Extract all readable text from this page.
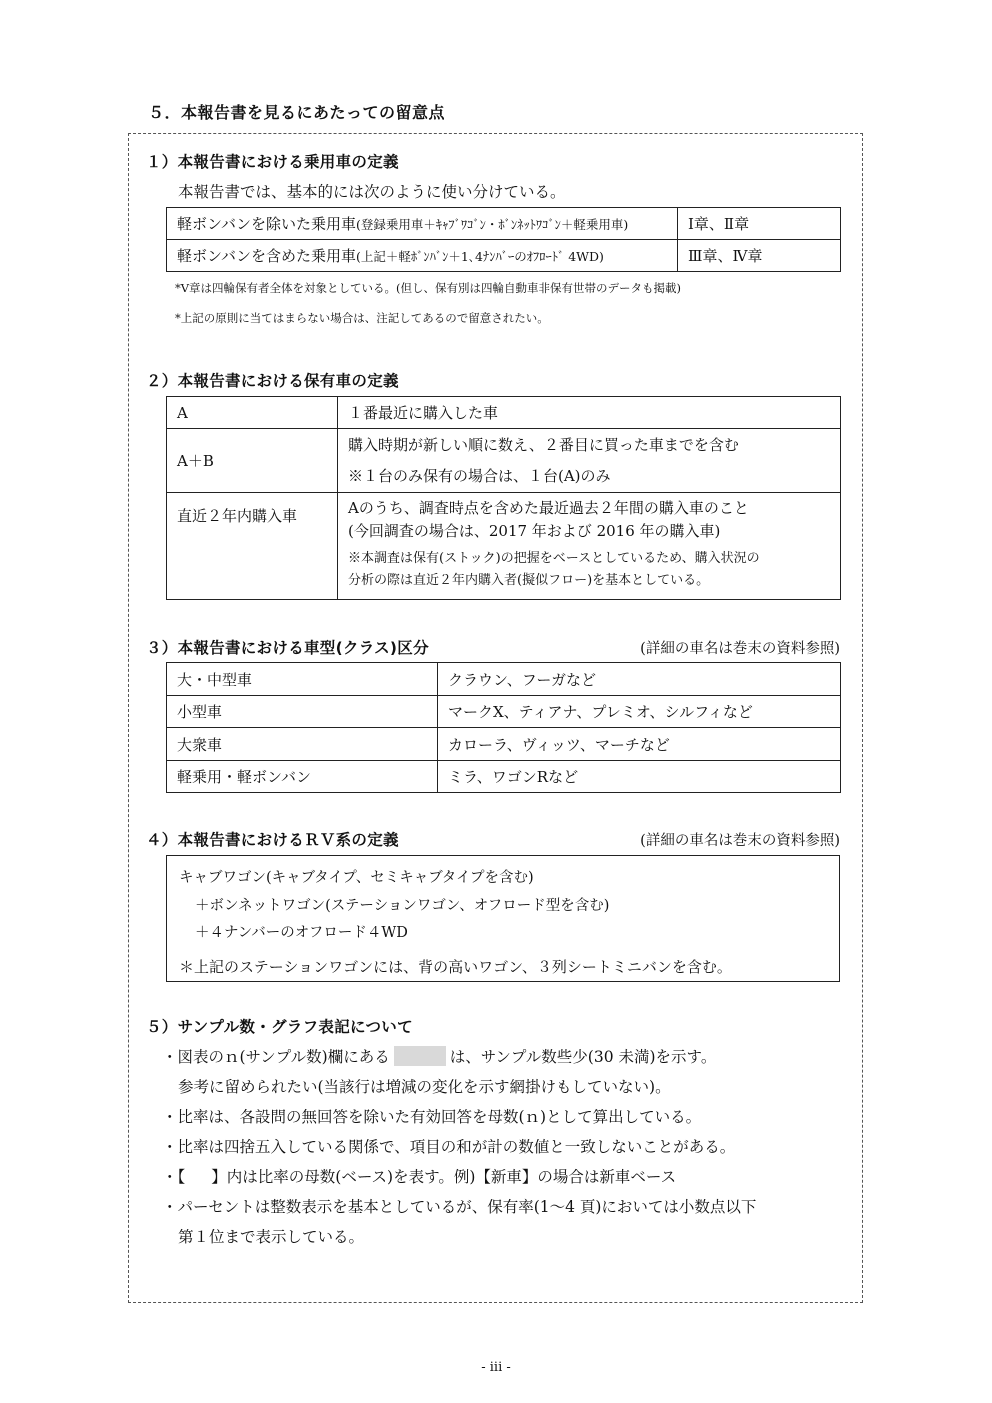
５．本報告書を見るにあたっての留意点
１）本報告書における乗用車の定義
本報告書では、基本的には次のように使い分けている。
軽ボンバンを除いた乗用車(登録乗用車＋ｷｬﾌﾞﾜｺﾞﾝ・ﾎﾞﾝﾈｯﾄﾜｺﾞﾝ＋軽乗用車)	Ⅰ章、Ⅱ章
軽ボンバンを含めた乗用車(上記＋軽ﾎﾞﾝﾊﾞﾝ＋1､4ﾅﾝﾊﾞｰのｵﾌﾛｰﾄﾞ 4WD)	Ⅲ章、Ⅳ章
*Ⅴ章は四輪保有者全体を対象としている。(但し、保有別は四輪自動車非保有世帯のデータも掲載)
*上記の原則に当てはまらない場合は、注記してあるので留意されたい。
２）本報告書における保有車の定義
A	１番最近に購入した車
A＋B	購入時期が新しい順に数え、２番目に買った車までを含む
※１台のみ保有の場合は、１台(A)のみ

直近２年内購入車	Aのうち、調査時点を含めた最近過去２年間の購入車のこと
(今回調査の場合は、2017 年および 2016 年の購入車)
※本調査は保有(ストック)の把握をベースとしているため、購入状況の
分析の際は直近２年内購入者(擬似フロー)を基本としている。
３）本報告書における車型(クラス)区分	(詳細の車名は巻末の資料参照)
大・中型車	クラウン、フーガなど
小型車	マークX、ティアナ、プレミオ、シルフィなど
大衆車	カローラ、ヴィッツ、マーチなど
軽乗用・軽ボンバン	ミラ、ワゴンRなど
４）本報告書におけるＲＶ系の定義	(詳細の車名は巻末の資料参照)
キャブワゴン(キャブタイプ、セミキャブタイプを含む)
＋ボンネットワゴン(ステーションワゴン、オフロード型を含む)
＋４ナンバーのオフロード４WD
＊上記のステーションワゴンには、背の高いワゴン、３列シートミニバンを含む。
５）サンプル数・グラフ表記について
・図表のｎ(サンプル数)欄にある	は、サンプル数些少(30 未満)を示す。
参考に留められたい(当該行は増減の変化を示す網掛けもしていない)。
・比率は、各設問の無回答を除いた有効回答を母数(ｎ)として算出している。
・比率は四捨五入している関係で、項目の和が計の数値と一致しないことがある。
・【 】内は比率の母数(ベース)を表す。例)【新車】の場合は新車ベース
・パーセントは整数表示を基本としているが、保有率(1～4 頁)においては小数点以下
第１位まで表示している。
- iii -
